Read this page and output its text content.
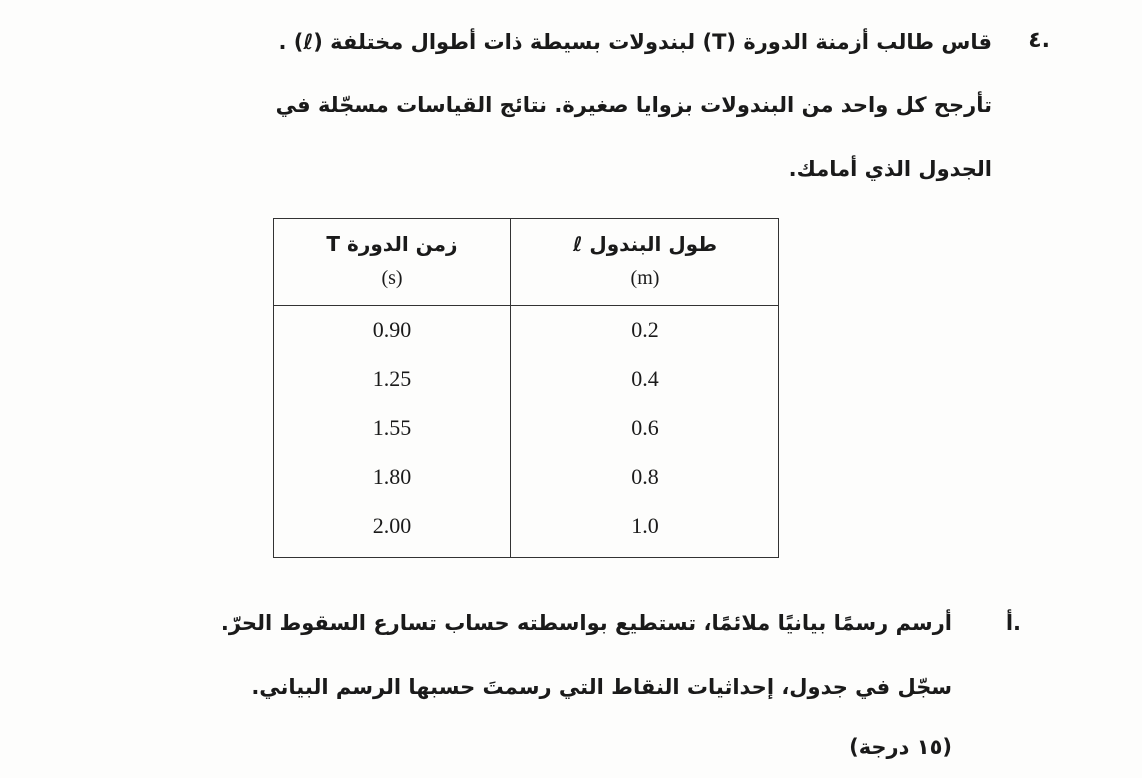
٤.
قاس طالب أزمنة الدورة (T) لبندولات بسيطة ذات أطوال مختلفة (ℓ) .
تأرجح كل واحد من البندولات بزوايا صغيرة. نتائج القياسات مسجّلة في
الجدول الذي أمامك.
زمن الدورة T
(s)
طول البندول ℓ
(m)
0.90
1.25
1.55
1.80
2.00
0.2
0.4
0.6
0.8
1.0
أ.
أرسم رسمًا بيانيًا ملائمًا، تستطيع بواسطته حساب تسارع السقوط الحرّ.
سجّل في جدول، إحداثيات النقاط التي رسمتَ حسبها الرسم البياني.
(١٥ درجة)
